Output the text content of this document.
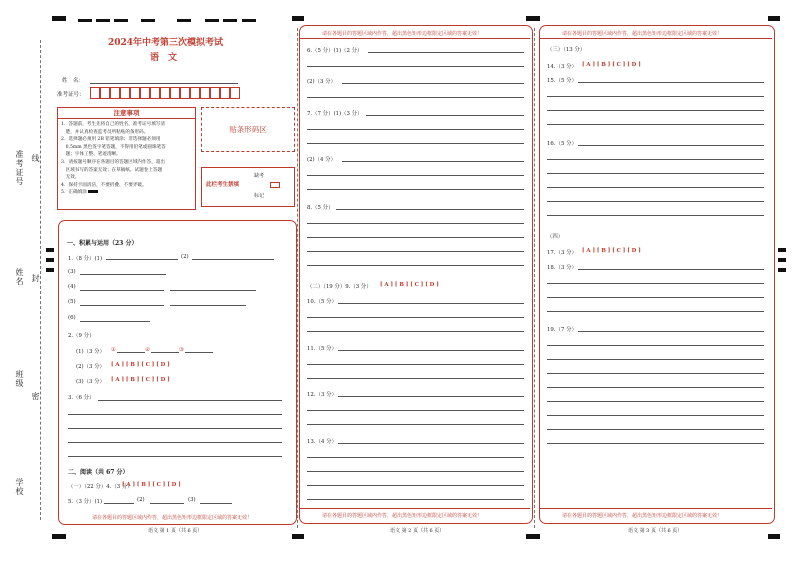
准考证号 线
姓名 封
班级
密
学校
2024年中考第三次模拟考试
语　文
姓　名：
准考证号：
注意事项
1．答题前，考生先将自己的姓名，准考证号填写清
　楚，并认真检查监考员所粘贴的条形码。
2．选择题必须用 2B 铅笔填涂；非选择题必须用
　0.5mm 黑色签字笔答题，不得用铅笔或圆珠笔答
　题；字体工整、笔迹清晰。
3．请按题号顺序在各题目的答题区域内作答，超出
　区域书写的答案无效；在草稿纸、试题卷上答题
　无效。
4．保持卡面清洁，不要折叠、不要弄破。
5．正确填涂
贴条形码区
此栏考生禁填
缺考
标记
一、积累与运用（23 分）
1.（8 分）(1)	(2)
(3)
(4)
(5)
(6)
2.（9 分）
(1)（3 分） ①	②	③
(2)（3 分） [ A ] [ B ] [ C ] [ D ]
(3)（3 分） [ A ] [ B ] [ C ] [ D ]
3.（6 分）
二、阅读（共 67 分）
（一）（22 分）4.（3 分）
[ A ] [ B ] [ C ] [ D ]
5.（3 分）(1)	(2)	(3)
请在各题目的答题区域内作答，超出黑色矩形边框限定区域的答案无效！
语文 第 1 页（共 6 页）
请在各题目的答题区域内作答，超出黑色矩形边框限定区域的答案无效！
6.（5 分）(1)（2 分）
(2)（3 分）
7.（7 分）(1)（3 分）
(2)（4 分）
8.（5 分）
（二）（19 分）9.（3 分） [ A ] [ B ] [ C ] [ D ]
10.（5 分）
11.（5 分）
12.（3 分）
13.（4 分）
请在各题目的答题区域内作答，超出黑色矩形边框限定区域的答案无效！
语文 第 2 页（共 6 页）
请在各题目的答题区域内作答，超出黑色矩形边框限定区域的答案无效！
（三）（13 分）
14.（3 分） [ A ] [ B ] [ C ] [ D ]
15.（5 分）
16.（5 分）
（四）
17.（3 分） [ A ] [ B ] [ C ] [ D ]
18.（3 分）
19.（7 分）
请在各题目的答题区域内作答，超出黑色矩形边框限定区域的答案无效！
语文 第 3 页（共 6 页）
